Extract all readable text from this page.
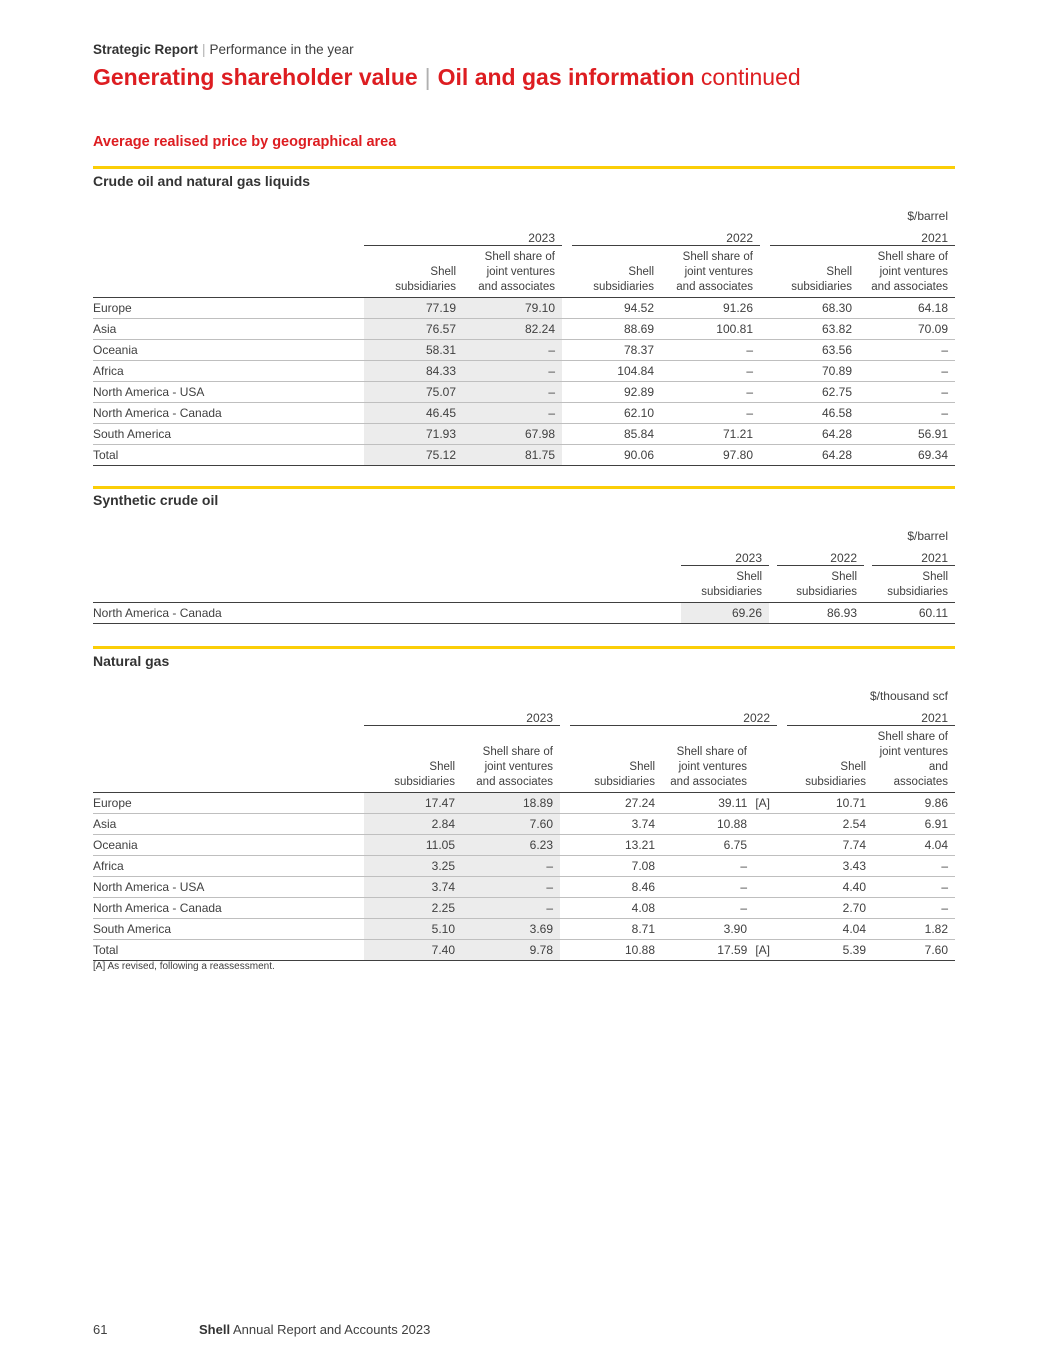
Strategic Report | Performance in the year
Generating shareholder value | Oil and gas information continued
Average realised price by geographical area
Crude oil and natural gas liquids
$/barrel								
	2023			2022			2021	
	Shell
subsidiaries	Shell share of
joint ventures
and associates		Shell
subsidiaries	Shell share of
joint ventures
and associates		Shell
subsidiaries	Shell share of
joint ventures
and associates
Europe	77.19	79.10		94.52	91.26		68.30	64.18
Asia	76.57	82.24		88.69	100.81		63.82	70.09
Oceania	58.31	–		78.37	–		63.56	–
Africa	84.33	–		104.84	–		70.89	–
North America - USA	75.07	–		92.89	–		62.75	–
North America - Canada	46.45	–		62.10	–		46.58	–
South America	71.93	67.98		85.84	71.21		64.28	56.91
Total	75.12	81.75		90.06	97.80		64.28	69.34
Synthetic crude oil
$/barrel					
	2023		2022		2021
	Shell
subsidiaries		Shell
subsidiaries		Shell
subsidiaries
North America - Canada	69.26		86.93		60.11
Natural gas
$/thousand scf								
	2023			2022			2021	
	Shell
subsidiaries	Shell share of
joint ventures
and associates		Shell
subsidiaries	Shell share of
joint ventures
and associates		Shell
subsidiaries	Shell share of
joint ventures
and associates
Europe	17.47	18.89		27.24	39.11 [A]		10.71	9.86
Asia	2.84	7.60		3.74	10.88		2.54	6.91
Oceania	11.05	6.23		13.21	6.75		7.74	4.04
Africa	3.25	–		7.08	–		3.43	–
North America - USA	3.74	–		8.46	–		4.40	–
North America - Canada	2.25	–		4.08	–		2.70	–
South America	5.10	3.69		8.71	3.90		4.04	1.82
Total	7.40	9.78		10.88	17.59 [A]		5.39	7.60
[A] As revised, following a reassessment.
61	Shell Annual Report and Accounts 2023
